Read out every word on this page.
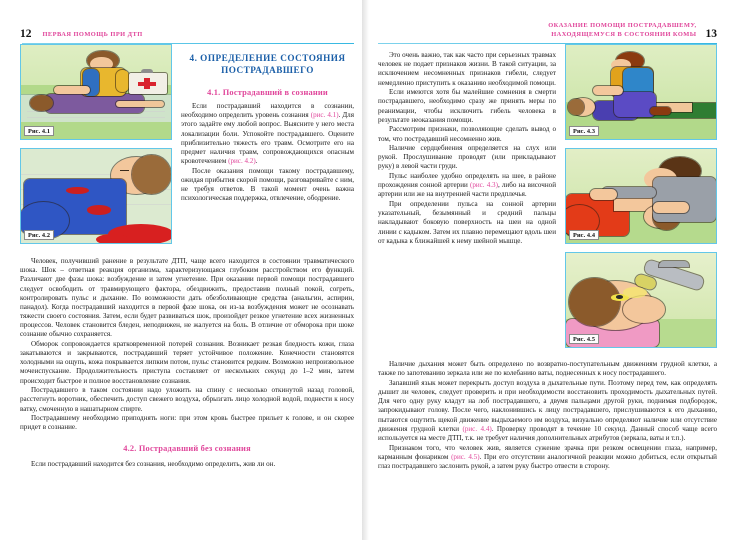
12 ПЕРВАЯ ПОМОЩЬ ПРИ ДТП
Рис. 4.1
Рис. 4.2
4. ОПРЕДЕЛЕНИЕ СОСТОЯНИЯ ПОСТРАДАВШЕГО
4.1. Пострадавший в сознании

Если пострадавший находится в сознании, необходимо определить уровень сознания (рис. 4.1). Для этого задайте ему любой вопрос. Выясните у него места локализации боли. Успокойте пострадавшего. Оцените приблизительно тяжесть его травм. Осмотрите его на предмет наличия травм, сопровождающихся опасным кровотечением (рис. 4.2).

После оказания помощи такому пострадавшему, ожидая прибытия скорой помощи, разговаривайте с ним, не требуя ответов. В такой момент очень важна психологическая поддержка, отвлечение, ободрение.

Человек, получивший ранение в результате ДТП, чаще всего находится в состоянии травматического шока. Шок – ответная реакция организма, характеризующаяся глубоким расстройством его функций. Различают две фазы шока: возбуждение и затем угнетение. При оказании первой помощи пострадавшего следует освободить от травмирующего фактора, обездвижить, предоставив полный покой, согреть, контролировать пульс и дыхание. По возможности дать обезболивающие средства (анальгин, аспирин, панадол). Когда пострадавший находится в первой фазе шока, он из-за возбуждения может не осознавать тяжести своего состояния. Затем, если будет развиваться шок, произойдет резкое угнетение всех жизненных процессов. Человек становится бледен, неподвижен, не жалуется на боль. В отличие от обморока при шоке сознание обычно сохраняется.

Обморок сопровождается кратковременной потерей сознания. Возникает резкая бледность кожи, глаза закатываются и закрываются, пострадавший теряет устойчивое положение. Конечности становятся холодными на ощупь, кожа покрывается липким потом, пульс становится редким. Возможно непроизвольное мочеиспускание. Продолжительность приступа составляет от нескольких секунд до 1–2 мин, затем происходит быстрое и полное восстановление сознания.

Пострадавшего в таком состоянии надо уложить на спину с несколько откинутой назад головой, расстегнуть воротник, обеспечить доступ свежего воздуха, обрызгать лицо холодной водой, поднести к носу ватку, смоченную в нашатырном спирте.

Пострадавшему необходимо приподнять ноги: при этом кровь быстрее прильет к голове, и он скорее придет в сознание.

4.2. Пострадавший без сознания

Если пострадавший находится без сознания, необходимо определить, жив ли он.

ОКАЗАНИЕ ПОМОЩИ ПОСТРАДАВШЕМУ,
НАХОДЯЩЕМУСЯ В СОСТОЯНИИ КОМЫ 13

Это очень важно, так как часто при серьезных травмах человек не подает признаков жизни. В такой ситуации, за исключением несомненных признаков гибели, следует немедленно приступить к оказанию необходимой помощи.

Если имеются хотя бы малейшие сомнения в смерти пострадавшего, необходимо сразу же принять меры по реанимации, чтобы исключить гибель человека в результате неоказания помощи.

Рассмотрим признаки, позволяющие сделать вывод о том, что пострадавший несомненно жив.

Наличие сердцебиения определяется на слух или рукой. Прослушивание проводят (или прикладывают руку) в левой части груди.

Пульс наиболее удобно определять на шее, в районе прохождения сонной артерии (рис. 4.3), либо на височной артерии или же на внутренней части предплечья.

При определении пульса на сонной артерии указательный, безымянный и средний пальцы накладывают боковую поверхность на шеи на одной линии с кадыком. Затем их плавно перемещают вдоль шеи от кадыка к ближайшей к нему шейной мышце.

Рис. 4.3
Рис. 4.4
Рис. 4.5

Наличие дыхания может быть определено по возвратно-поступательным движениям грудной клетки, а также по запотеванию зеркала или же по колебанию ваты, поднесенных к носу пострадавшего.

Запавший язык может перекрыть доступ воздуха в дыхательные пути. Поэтому перед тем, как определять дышит ли человек, следует проверить и при необходимости восстановить проходимость дыхательных путей. Для чего одну руку кладут на лоб пострадавшего, а двумя пальцами другой руки, поднимая подбородок, запрокидывают голову. После чего, наклонившись к лицу пострадавшего, прислушиваются к его дыханию, пытаются ощутить щекой движение выдыхаемого им воздуха, визуально определяют наличие или отсутствие движения грудной клетки (рис. 4.4). Проверку проводят в течение 10 секунд. Данный способ чаще всего используется на месте ДТП, т.к. не требует наличия дополнительных атрибутов (зеркала, ваты и т.п.).

Признаком того, что человек жив, является сужение зрачка при резком освещении глаза, например, карманным фонариком (рис. 4.5). При его отсутствии аналогичной реакции можно добиться, если открытый глаз пострадавшего заслонить рукой, а затем руку быстро отвести в сторону.
